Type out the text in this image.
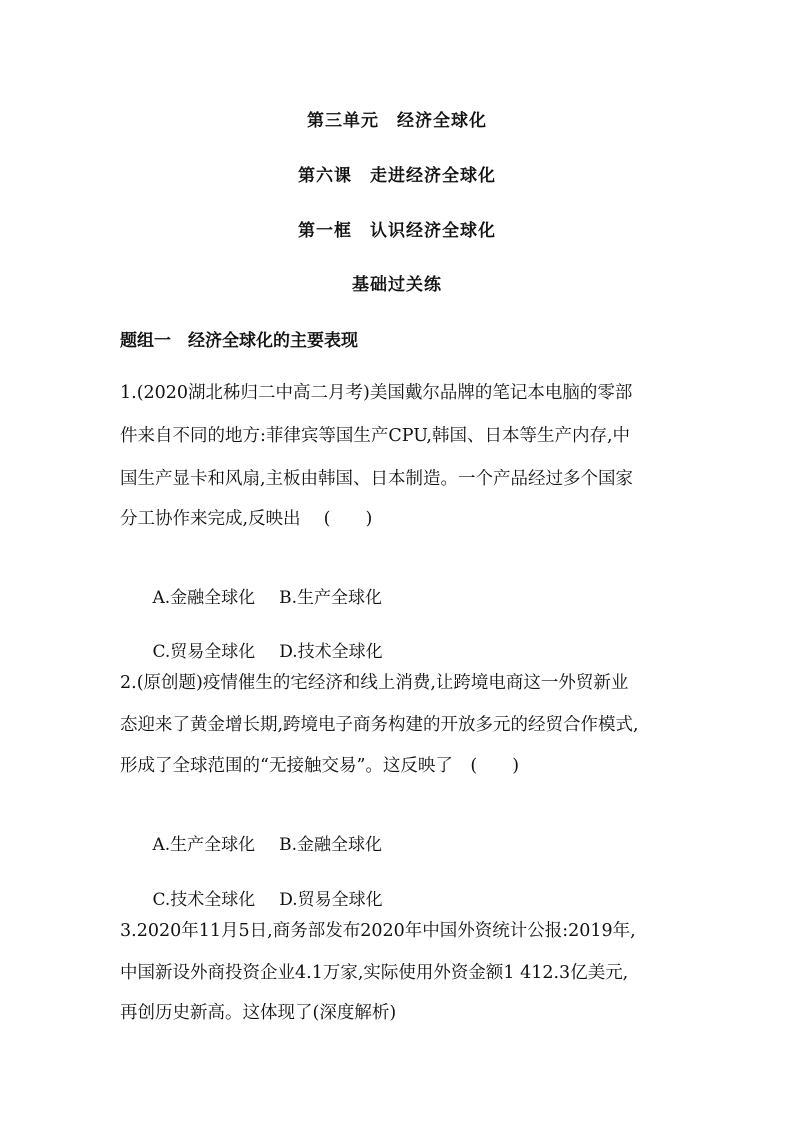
第三单元　经济全球化
第六课　走进经济全球化
第一框　认识经济全球化
基础过关练
题组一　经济全球化的主要表现
1.(2020湖北秭归二中高二月考)美国戴尔品牌的笔记本电脑的零部
件来自不同的地方:菲律宾等国生产CPU,韩国、日本等生产内存,中
国生产显卡和风扇,主板由韩国、日本制造。一个产品经过多个国家
分工协作来完成,反映出　 (　　)

A.金融全球化 B.生产全球化

C.贸易全球化 D.技术全球化

2.(原创题)疫情催生的宅经济和线上消费,让跨境电商这一外贸新业
态迎来了黄金增长期,跨境电子商务构建的开放多元的经贸合作模式,
形成了全球范围的“无接触交易”。这反映了　(　　)

A.生产全球化 B.金融全球化

C.技术全球化 D.贸易全球化

3.2020年11月5日,商务部发布2020年中国外资统计公报:2019年,
中国新设外商投资企业4.1万家,实际使用外资金额1 412.3亿美元,
再创历史新高。这体现了(深度解析)
